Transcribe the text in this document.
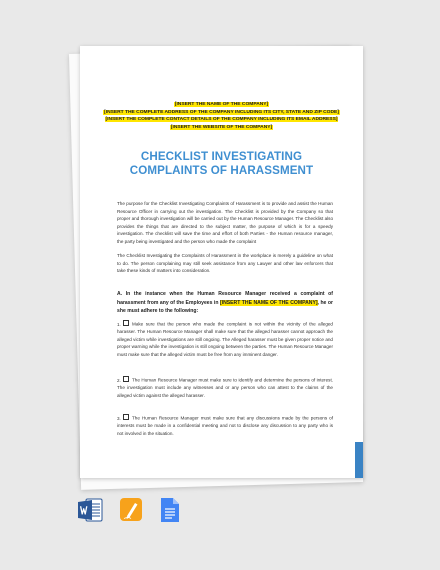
[INSERT THE NAME OF THE COMPANY]
[INSERT THE COMPLETE ADDRESS OF THE COMPANY INCLUDING ITS CITY, STATE AND ZIP CODE]
[INSERT THE COMPLETE CONTACT DETAILS OF THE COMPANY INCLUDING ITS EMAIL ADDRESS]
[INSERT THE WEBSITE OF THE COMPANY]
CHECKLIST INVESTIGATING
COMPLAINTS OF HARASSMENT
The purpose for the Checklist Investigating Complaints of Harassment is to provide and assist the Human Resource Officer in carrying out the investigation. The Checklist is provided by the Company so that proper and thorough investigation will be carried out by the Human Resource Manager. The Checklist also provides the things that are directed to the subject matter, the purpose of which is for a speedy investigation. The checklist will save the time and effort of both Parties - the Human resource manager, the party being investigated and the person who made the complaint
The Checklist Investigating the Complaints of Harassment in the workplace is merely a guideline on what to do. The person complaining may still seek assistance from any Lawyer and other law enforcers that take these kinds of matters into consideration.
A. In the instance when the Human Resource Manager received a complaint of harassment from any of the Employees in [INSERT THE NAME OF THE COMPANY], he or she must adhere to the following:
1. Make sure that the person who made the complaint is not within the vicinity of the alleged harasser. The Human Resource Manager shall make sure that the alleged harasser cannot approach the alleged victim while investigations are still ongoing. The Alleged harasser must be given proper notice and proper warning while the investigation is still ongoing between the parties. The Human Resource Manager must make sure that the alleged victim must be free from any imminent danger.
2. The Human Resource Manager must make sure to identify and determine the persons of interest. The investigation must include any witnesses and or any person who can attest to the claims of the alleged victim against the alleged harasser.
3. The Human Resource Manager must make sure that any discussions made by the persons of interests must be made in a confidential meeting and not to disclose any discussion to any party who is not involved in the situation.
